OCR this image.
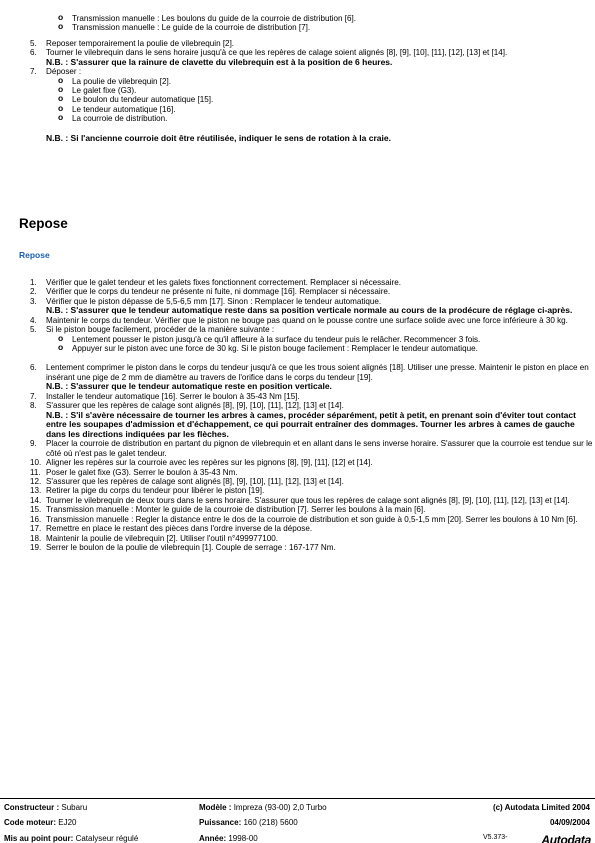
o Transmission manuelle : Les boulons du guide de la courroie de distribution [6].
o Transmission manuelle : Le guide de la courroie de distribution [7].
5.	Reposer temporairement la poulie de vilebrequin [2].
6.	Tourner le vilebrequin dans le sens horaire jusqu'à ce que les repères de calage soient alignés [8], [9], [10], [11], [12], [13] et [14].
N.B. : S'assurer que la rainure de clavette du vilebrequin est à la position de 6 heures.
7.	Déposer :
o La poulie de vilebrequin [2].
o Le galet fixe (G3).
o Le boulon du tendeur automatique [15].
o Le tendeur automatique [16].
o La courroie de distribution.
N.B. : Si l'ancienne courroie doit être réutilisée, indiquer le sens de rotation à la craie.
Repose
Repose
1.	Vérifier que le galet tendeur et les galets fixes fonctionnent correctement. Remplacer si nécessaire.
2.	Vérifier que le corps du tendeur ne présente ni fuite, ni dommage [16]. Remplacer si nécessaire.
3.	Vérifier que le piston dépasse de 5,5-6,5 mm [17]. Sinon : Remplacer le tendeur automatique.
N.B. : S'assurer que le tendeur automatique reste dans sa position verticale normale au cours de la prodécure de réglage ci-après.
4.	Maintenir le corps du tendeur. Vérifier que le piston ne bouge pas quand on le pousse contre une surface solide avec une force inférieure à 30 kg.
5.	Si le piston bouge facilement, procéder de la manière suivante :
o Lentement pousser le piston jusqu'à ce qu'il affleure à la surface du tendeur puis le relâcher. Recommencer 3 fois.
o Appuyer sur le piston avec une force de 30 kg. Si le piston bouge facilement : Remplacer le tendeur automatique.
6.	Lentement comprimer le piston dans le corps du tendeur jusqu'à ce que les trous soient alignés [18]. Utiliser une presse. Maintenir le piston en place en insérant une pige de 2 mm de diamètre au travers de l'orifice dans le corps du tendeur [19].
N.B. : S'assurer que le tendeur automatique reste en position verticale.
7.	Installer le tendeur automatique [16]. Serrer le boulon à 35-43 Nm [15].
8.	S'assurer que les repères de calage sont alignés [8], [9], [10], [11], [12], [13] et [14].
N.B. : S'il s'avère nécessaire de tourner les arbres à cames, procéder séparément, petit à petit, en prenant soin d'éviter tout contact entre les soupapes d'admission et d'échappement, ce qui pourrait entraîner des dommages. Tourner les arbres à cames de gauche dans les directions indiquées par les flèches.
9.	Placer la courroie de distribution en partant du pignon de vilebrequin et en allant dans le sens inverse horaire. S'assurer que la courroie est tendue sur le côté où n'est pas le galet tendeur.
10. Aligner les repères sur la courroie avec les repères sur les pignons [8], [9], [11], [12] et [14].
11. Poser le galet fixe (G3). Serrer le boulon à 35-43 Nm.
12. S'assurer que les repères de calage sont alignés [8], [9], [10], [11], [12], [13] et [14].
13. Retirer la pige du corps du tendeur pour libérer le piston [19].
14. Tourner le vilebrequin de deux tours dans le sens horaire. S'assurer que tous les repères de calage sont alignés [8], [9], [10], [11], [12], [13] et [14].
15. Transmission manuelle : Monter le guide de la courroie de distribution [7]. Serrer les boulons à la main [6].
16. Transmission manuelle : Regler la distance entre le dos de la courroie de distribution et son guide à 0,5-1,5 mm [20]. Serrer les boulons à 10 Nm [6].
17. Remettre en place le restant des pièces dans l'ordre inverse de la dépose.
18. Maintenir la poulie de vilebrequin [2]. Utiliser l'outil n°499977100.
19. Serrer le boulon de la poulie de vilebrequin [1]. Couple de serrage : 167-177 Nm.
Constructeur : Subaru	Modèle : Impreza (93-00) 2,0 Turbo	(c) Autodata Limited 2004
Code moteur: EJ20	Puissance: 160 (218) 5600	04/09/2004
Mis au point pour: Catalyseur régulé	Année: 1998-00	V5.373-	Autodata
